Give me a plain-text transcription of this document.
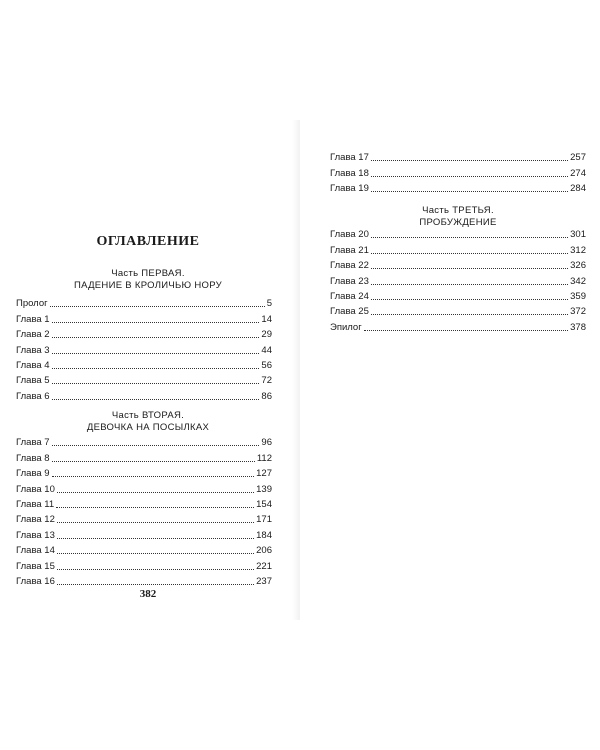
ОГЛАВЛЕНИЕ
Часть ПЕРВАЯ.
ПАДЕНИЕ В КРОЛИЧЬЮ НОРУ
Пролог	5
Глава 1	14
Глава 2	29
Глава 3	44
Глава 4	56
Глава 5	72
Глава 6	86
Часть ВТОРАЯ.
ДЕВОЧКА НА ПОСЫЛКАХ
Глава 7	96
Глава 8	112
Глава 9	127
Глава 10	139
Глава 11	154
Глава 12	171
Глава 13	184
Глава 14	206
Глава 15	221
Глава 16	237
382
Глава 17	257
Глава 18	274
Глава 19	284
Часть ТРЕТЬЯ.
ПРОБУЖДЕНИЕ
Глава 20	301
Глава 21	312
Глава 22	326
Глава 23	342
Глава 24	359
Глава 25	372
Эпилог	378
